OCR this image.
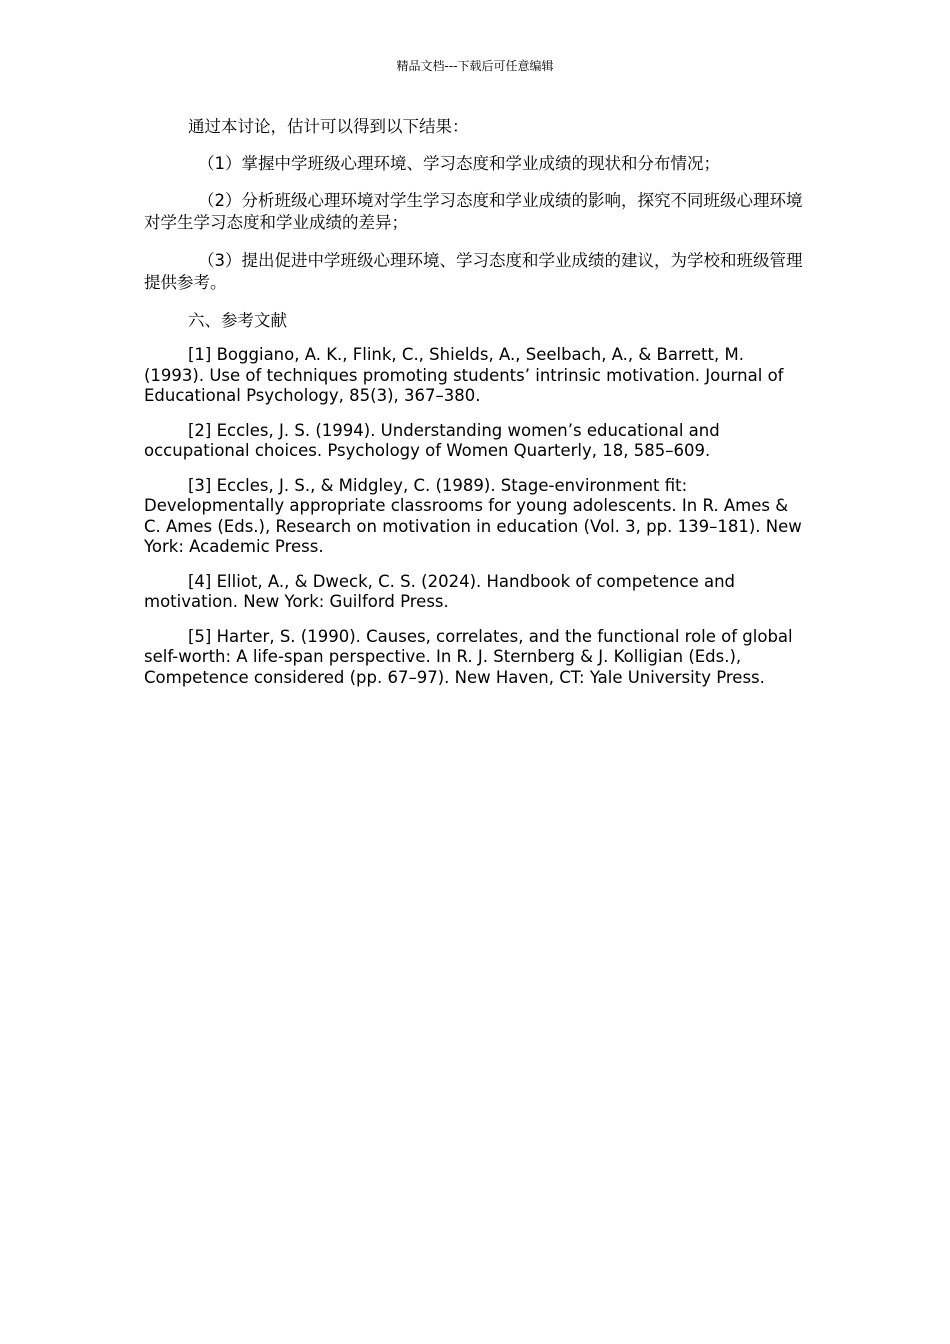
精品文档---下载后可任意编辑

通过本讨论，估计可以得到以下结果：

（1）掌握中学班级心理环境、学习态度和学业成绩的现状和分布情况；

（2）分析班级心理环境对学生学习态度和学业成绩的影响，探究不同班级心理环境对学生学习态度和学业成绩的差异；

（3）提出促进中学班级心理环境、学习态度和学业成绩的建议，为学校和班级管理提供参考。

六、参考文献

[1] Boggiano, A. K., Flink, C., Shields, A., Seelbach, A., & Barrett, M. (1993). Use of techniques promoting students’ intrinsic motivation. Journal of Educational Psychology, 85(3), 367–380.

[2] Eccles, J. S. (1994). Understanding women’s educational and occupational choices. Psychology of Women Quarterly, 18, 585–609.

[3] Eccles, J. S., & Midgley, C. (1989). Stage-environment fit: Developmentally appropriate classrooms for young adolescents. In R. Ames & C. Ames (Eds.), Research on motivation in education (Vol. 3, pp. 139–181). New York: Academic Press.

[4] Elliot, A., & Dweck, C. S. (2024). Handbook of competence and motivation. New York: Guilford Press.

[5] Harter, S. (1990). Causes, correlates, and the functional role of global self-worth: A life-span perspective. In R. J. Sternberg & J. Kolligian (Eds.), Competence considered (pp. 67–97). New Haven, CT: Yale University Press.
